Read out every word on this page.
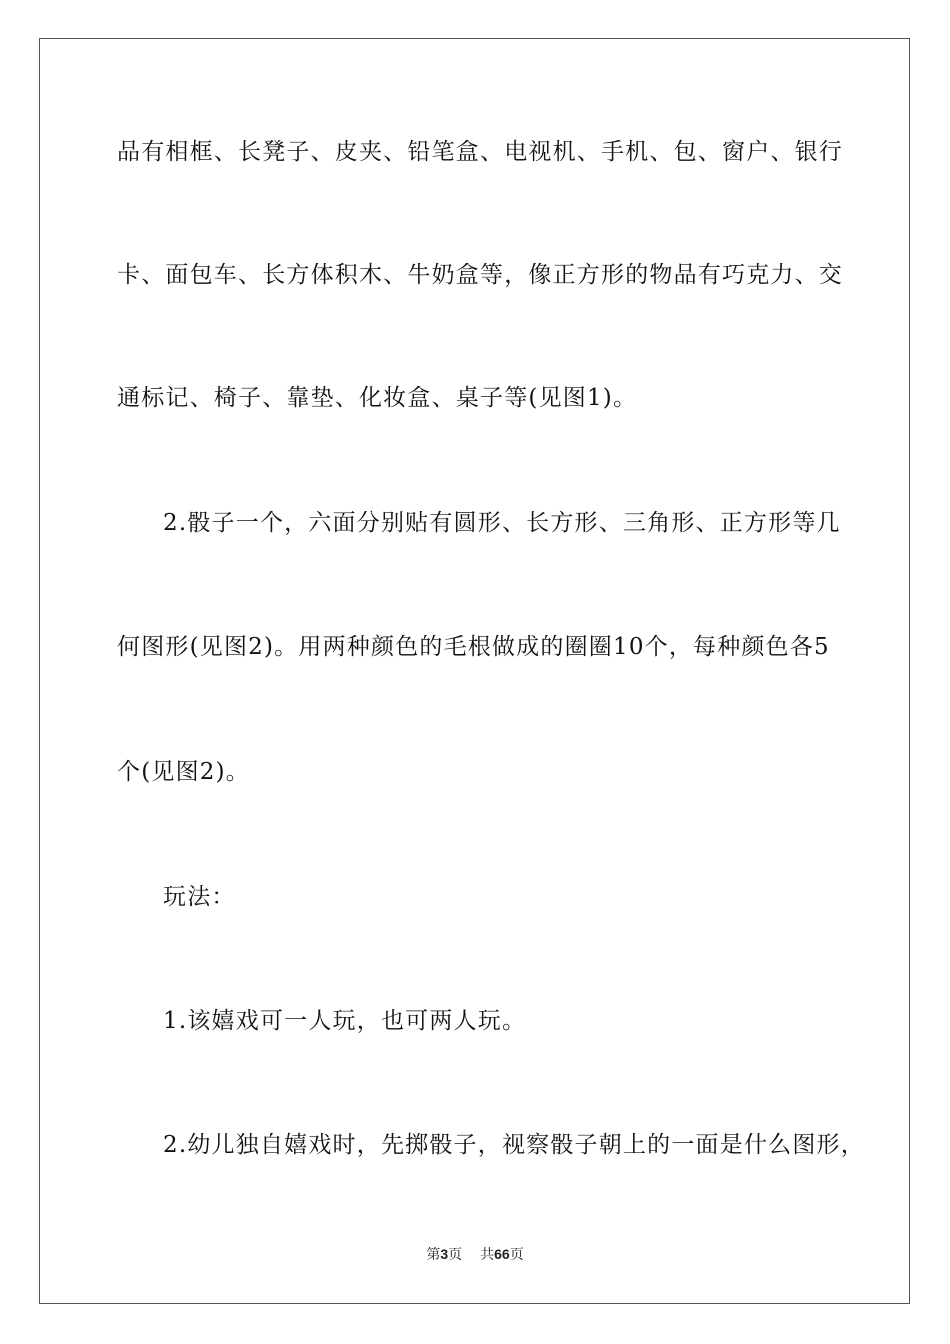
品有相框、长凳子、皮夹、铅笔盒、电视机、手机、包、窗户、银行
卡、面包车、长方体积木、牛奶盒等，像正方形的物品有巧克力、交
通标记、椅子、靠垫、化妆盒、桌子等(见图1)。
2.骰子一个，六面分别贴有圆形、长方形、三角形、正方形等几
何图形(见图2)。用两种颜色的毛根做成的圈圈10个，每种颜色各5
个(见图2)。
玩法：
1.该嬉戏可一人玩，也可两人玩。
2.幼儿独自嬉戏时，先掷骰子，视察骰子朝上的一面是什么图形，
第3页 共66页
